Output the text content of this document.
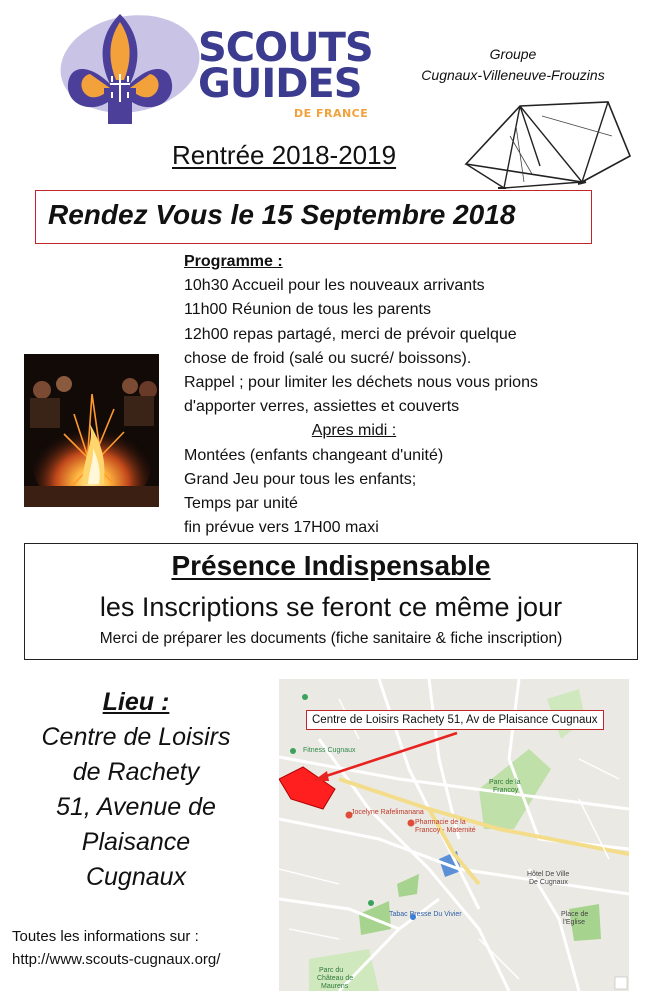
SCOUTS
GUIDES
DE FRANCE
Groupe
Cugnaux-Villeneuve-Frouzins
Rentrée 2018-2019
Rendez Vous le 15 Septembre 2018
Programme :
10h30 Accueil pour les nouveaux arrivants
11h00 Réunion de tous les parents
12h00 repas partagé, merci de prévoir quelque
chose de froid (salé ou sucré/ boissons).
Rappel ; pour limiter les déchets nous vous prions
d'apporter verres, assiettes et couverts
Apres midi :
Montées (enfants changeant d'unité)
Grand Jeu pour tous les enfants;
Temps par unité
fin prévue vers 17H00 maxi
Présence Indispensable
les Inscriptions se feront ce même jour
Merci de préparer les documents (fiche sanitaire & fiche inscription)
Lieu :
Centre de Loisirs
de Rachety
51, Avenue de
Plaisance
Cugnaux
Toutes les informations sur :
http://www.scouts-cugnaux.org/
Centre de Loisirs Rachety 51, Av de Plaisance Cugnaux
Fitness Cugnaux
Jocelyne Rafelimanana
Pharmacie de la
Francoy - Maternité
Parc de la
Francoy
Tabac Presse Du Vivier
Hôtel De Ville
De Cugnaux
Place de
l'Eglise
Parc du
Château de
Maurens
